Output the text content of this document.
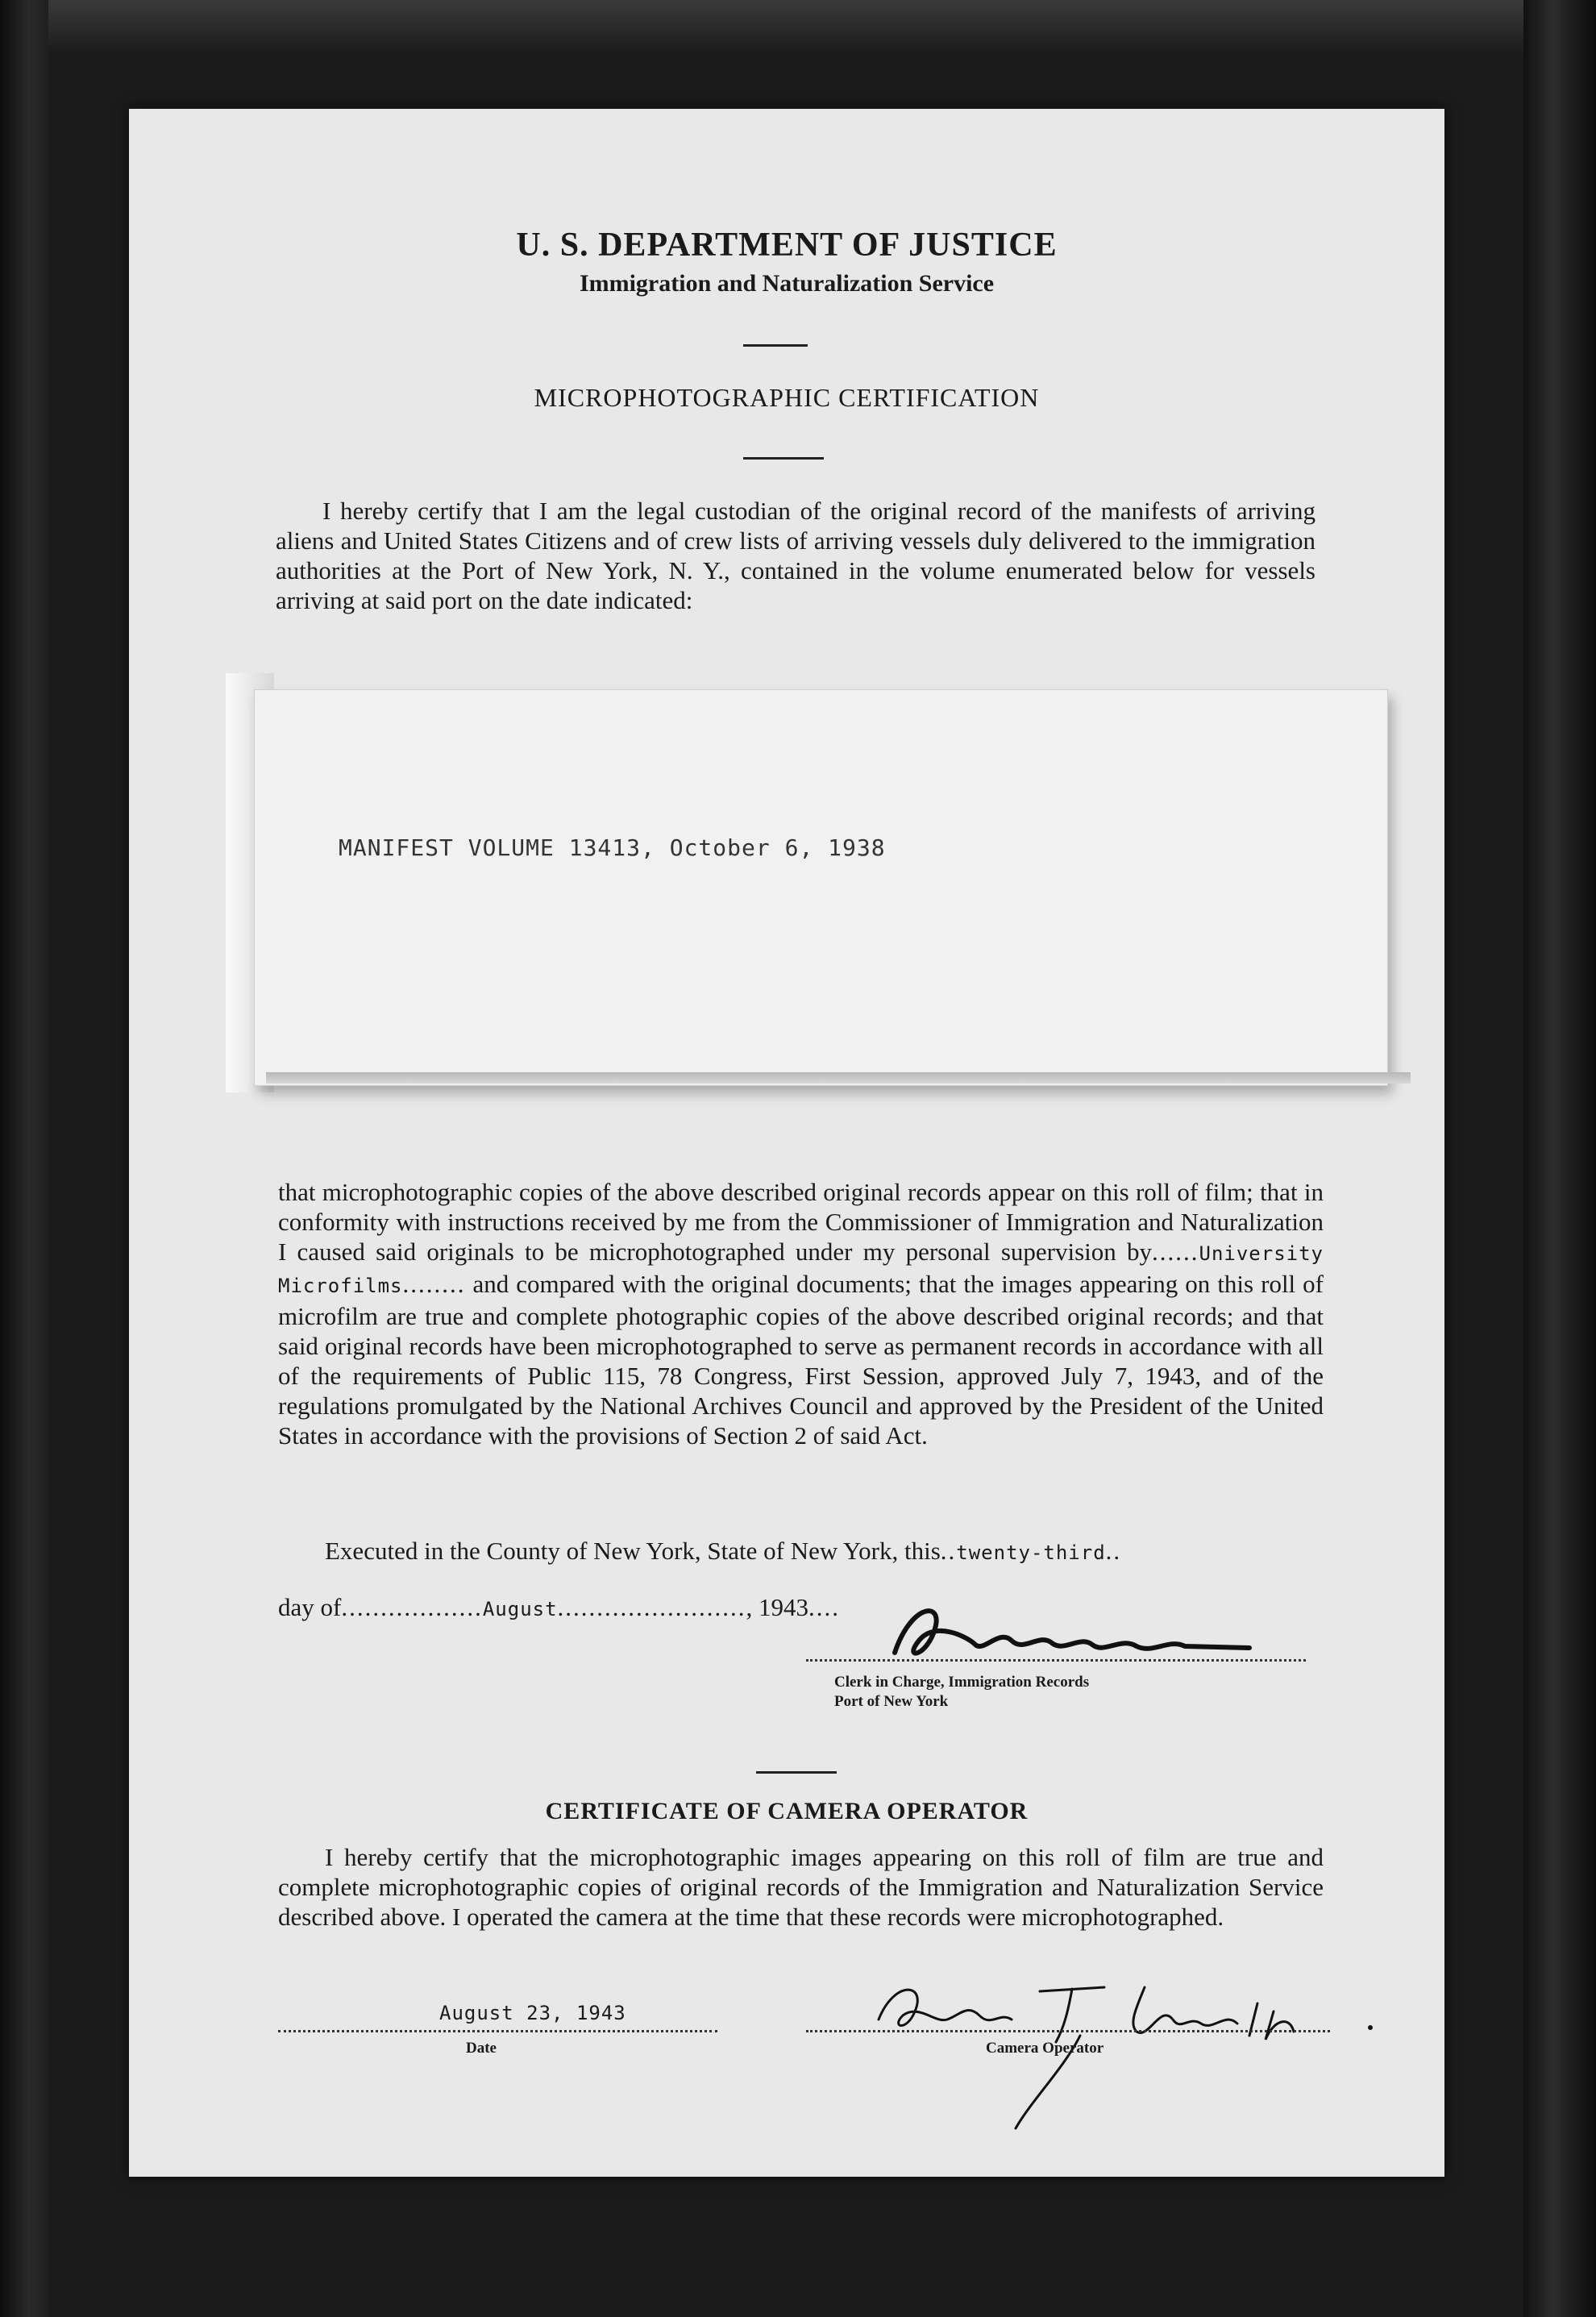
U. S. DEPARTMENT OF JUSTICE
Immigration and Naturalization Service
MICROPHOTOGRAPHIC CERTIFICATION
I hereby certify that I am the legal custodian of the original record of the manifests of arriving aliens and United States Citizens and of crew lists of arriving vessels duly delivered to the immigration authorities at the Port of New York, N. Y., contained in the volume enumerated below for vessels arriving at said port on the date indicated:
MANIFEST VOLUME 13413, October 6, 1938
that microphotographic copies of the above described original records appear on this roll of film; that in conformity with instructions received by me from the Commissioner of Immigration and Naturalization I caused said originals to be microphotographed under my personal supervision by......University Microfilms........ and compared with the original documents; that the images appearing on this roll of microfilm are true and complete photographic copies of the above described original records; and that said original records have been microphotographed to serve as permanent records in accordance with all of the requirements of Public 115, 78 Congress, First Session, approved July 7, 1943, and of the regulations promulgated by the National Archives Council and approved by the President of the United States in accordance with the provisions of Section 2 of said Act.
Executed in the County of New York, State of New York, this..twenty-third..
day of..................August........................, 1943....
Clerk in Charge, Immigration Records
Port of New York
CERTIFICATE OF CAMERA OPERATOR
I hereby certify that the microphotographic images appearing on this roll of film are true and complete microphotographic copies of original records of the Immigration and Naturalization Service described above. I operated the camera at the time that these records were microphotographed.
August 23, 1943
Date	Camera Operator
